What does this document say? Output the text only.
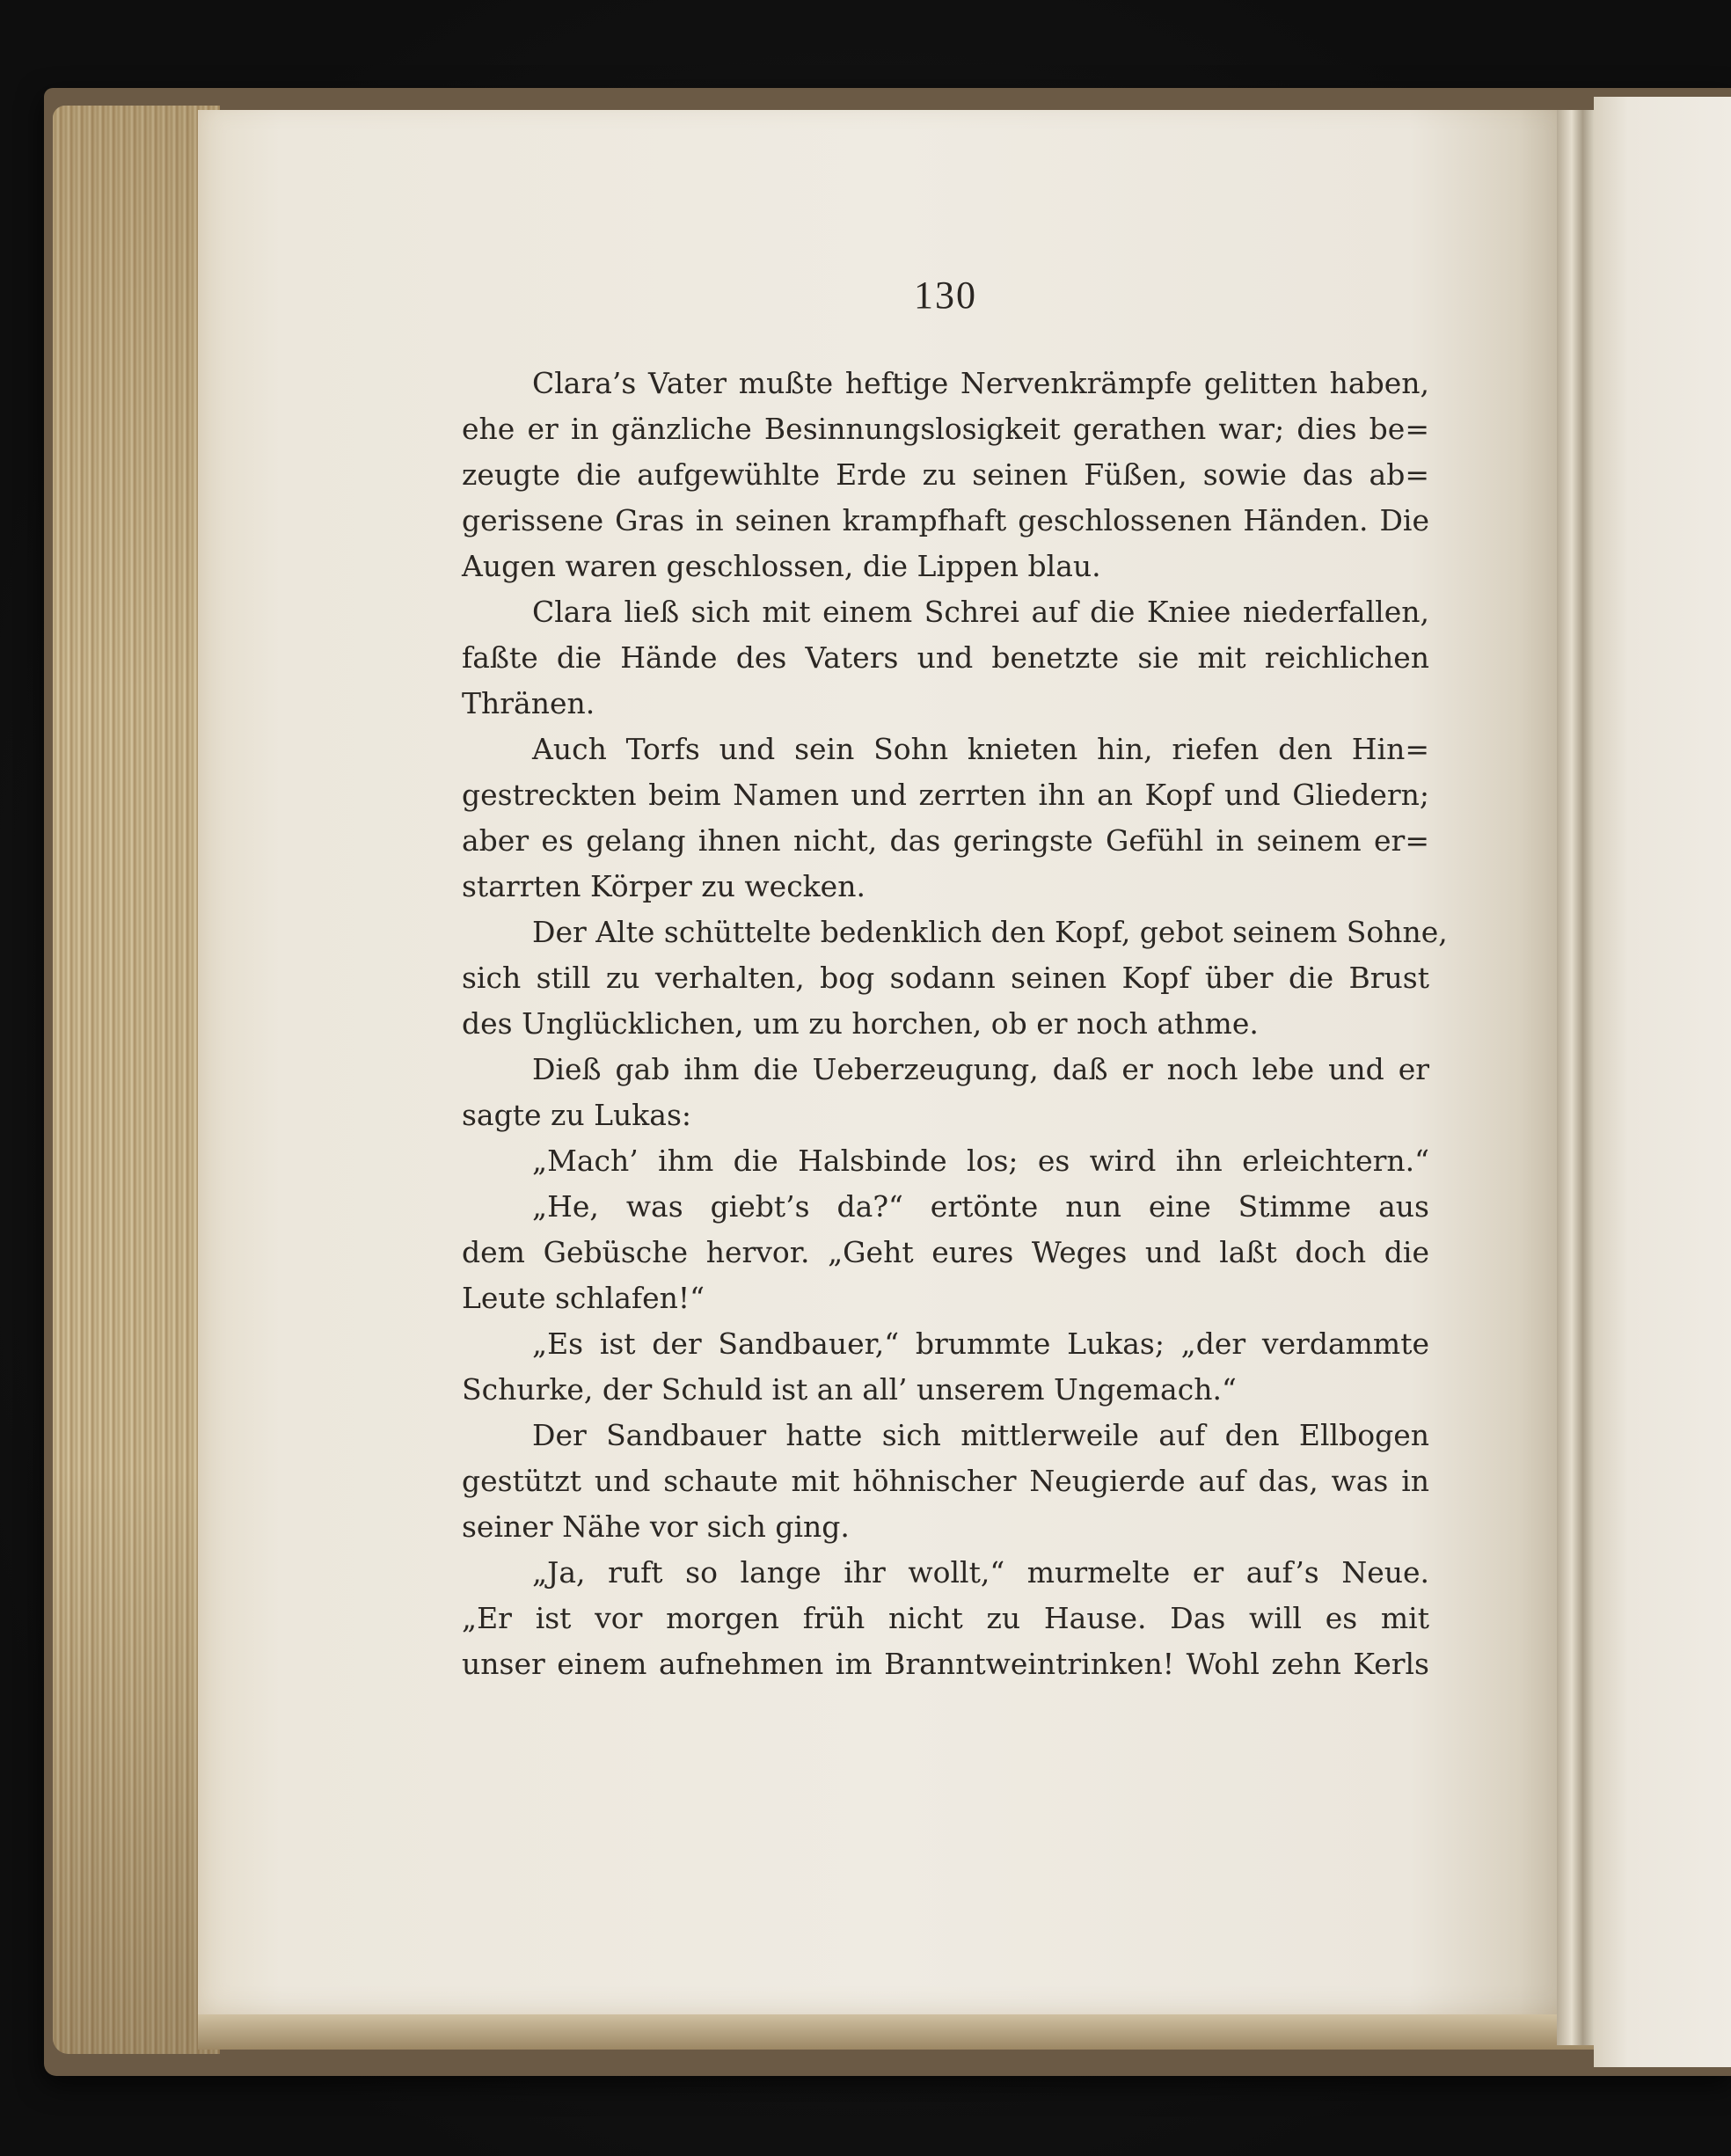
130
Clara’s Vater mußte heftige Nervenkrämpfe gelitten haben,
ehe er in gänzliche Besinnungslosigkeit gerathen war; dies be=
zeugte die aufgewühlte Erde zu seinen Füßen, sowie das ab=
gerissene Gras in seinen krampfhaft geschlossenen Händen. Die
Augen waren geschlossen, die Lippen blau.
Clara ließ sich mit einem Schrei auf die Kniee niederfallen,
faßte die Hände des Vaters und benetzte sie mit reichlichen
Thränen.
Auch Torfs und sein Sohn knieten hin, riefen den Hin=
gestreckten beim Namen und zerrten ihn an Kopf und Gliedern;
aber es gelang ihnen nicht, das geringste Gefühl in seinem er=
starrten Körper zu wecken.
Der Alte schüttelte bedenklich den Kopf, gebot seinem Sohne,
sich still zu verhalten, bog sodann seinen Kopf über die Brust
des Unglücklichen, um zu horchen, ob er noch athme.
Dieß gab ihm die Ueberzeugung, daß er noch lebe und er
sagte zu Lukas:
„Mach’ ihm die Halsbinde los; es wird ihn erleichtern.“
„He, was giebt’s da?“ ertönte nun eine Stimme aus
dem Gebüsche hervor. „Geht eures Weges und laßt doch die
Leute schlafen!“
„Es ist der Sandbauer,“ brummte Lukas; „der verdammte
Schurke, der Schuld ist an all’ unserem Ungemach.“
Der Sandbauer hatte sich mittlerweile auf den Ellbogen
gestützt und schaute mit höhnischer Neugierde auf das, was in
seiner Nähe vor sich ging.
„Ja, ruft so lange ihr wollt,“ murmelte er auf’s Neue.
„Er ist vor morgen früh nicht zu Hause. Das will es mit
unser einem aufnehmen im Branntweintrinken! Wohl zehn Kerls
